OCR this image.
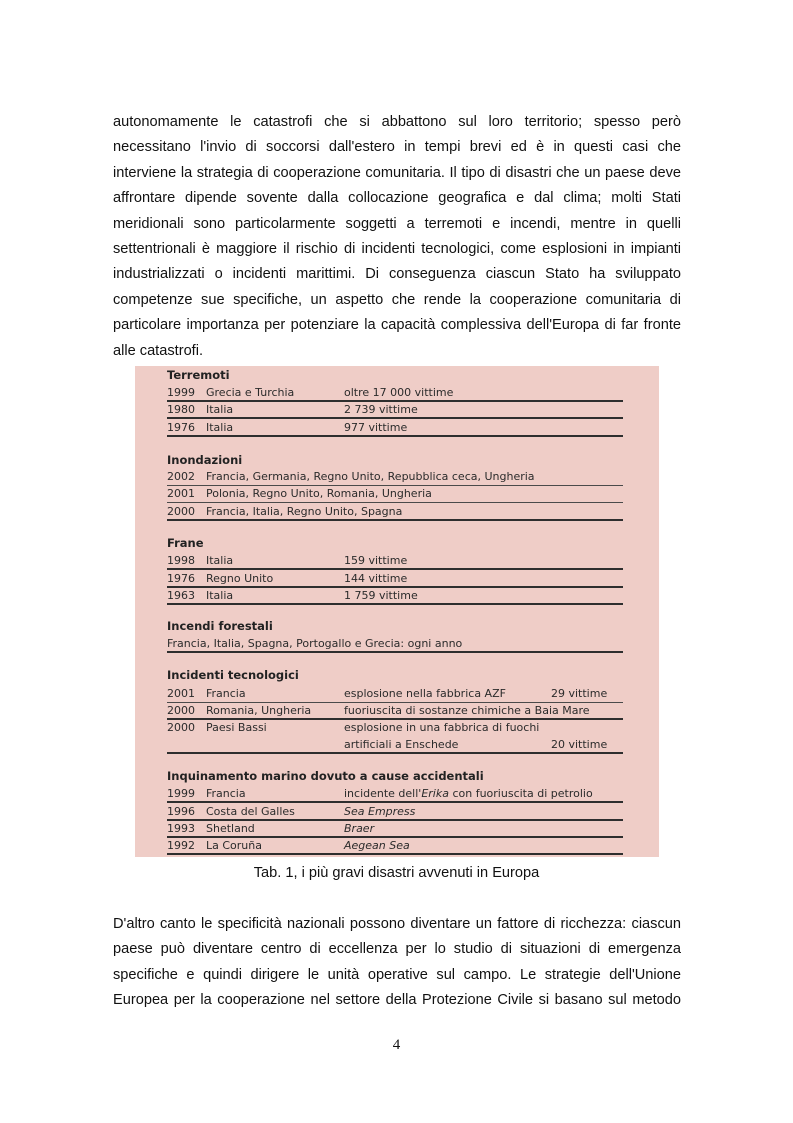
autonomamente le catastrofi che si abbattono sul loro territorio; spesso però
necessitano l'invio di soccorsi dall'estero in tempi brevi ed è in questi casi che
interviene la strategia di cooperazione comunitaria. Il tipo di disastri che un paese deve
affrontare dipende sovente dalla collocazione geografica e dal clima; molti Stati
meridionali sono particolarmente soggetti a terremoti e incendi, mentre in quelli
settentrionali è maggiore il rischio di incidenti tecnologici, come esplosioni in impianti
industrializzati o incidenti marittimi. Di conseguenza ciascun Stato ha sviluppato
competenze sue specifiche, un aspetto che rende la cooperazione comunitaria di
particolare importanza per potenziare la capacità complessiva dell'Europa di far fronte
alle catastrofi.
Terremoti
1999 Grecia e Turchia	oltre 17 000 vittime
1980 Italia	2 739 vittime
1976 Italia	977 vittime
Inondazioni
2002 Francia, Germania, Regno Unito, Repubblica ceca, Ungheria
2001 Polonia, Regno Unito, Romania, Ungheria
2000 Francia, Italia, Regno Unito, Spagna
Frane
1998 Italia	159 vittime
1976 Regno Unito	144 vittime
1963 Italia	1 759 vittime
Incendi forestali
Francia, Italia, Spagna, Portogallo e Grecia: ogni anno
Incidenti tecnologici
2001 Francia	esplosione nella fabbrica AZF	29 vittime
2000 Romania, Ungheria	fuoriuscita di sostanze chimiche a Baia Mare
2000 Paesi Bassi	esplosione in una fabbrica di fuochi
artificiali a Enschede	20 vittime
Inquinamento marino dovuto a cause accidentali
1999 Francia	incidente dell'Erika con fuoriuscita di petrolio
1996 Costa del Galles	Sea Empress
1993 Shetland	Braer
1992 La Coruña	Aegean Sea
Tab. 1, i più gravi disastri avvenuti in Europa
D'altro canto le specificità nazionali possono diventare un fattore di ricchezza: ciascun
paese può diventare centro di eccellenza per lo studio di situazioni di emergenza
specifiche e quindi dirigere le unità operative sul campo. Le strategie dell'Unione
Europea per la cooperazione nel settore della Protezione Civile si basano sul metodo
4
